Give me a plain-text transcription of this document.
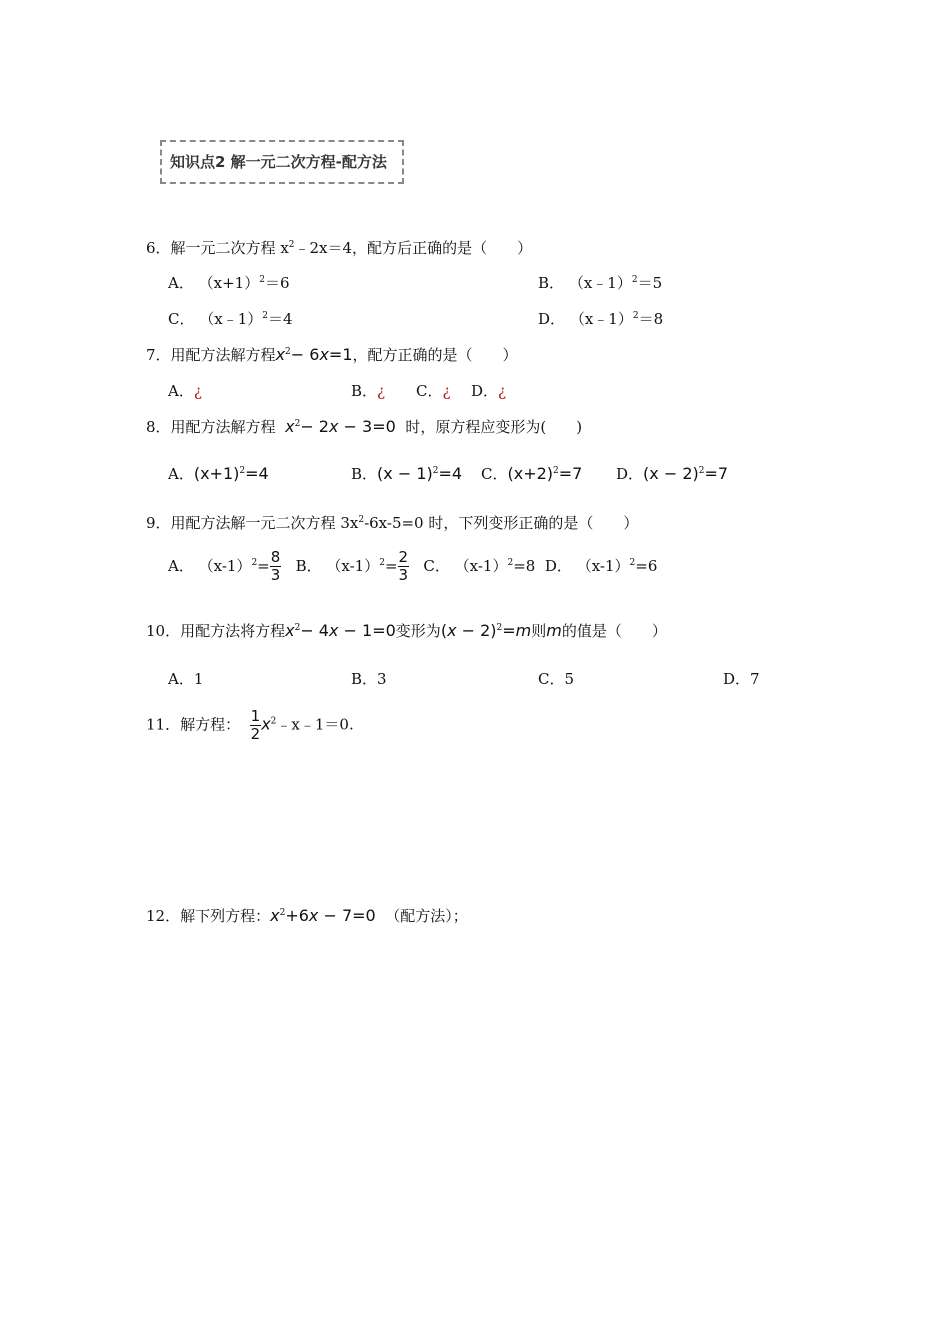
知识点2 解一元二次方程-配方法
6．解一元二次方程 $x^2﹣2x=4$，配方后正确的是（　　）
A． $(x+1)^2=6$	B． （x﹣1）$^2$＝5
C． （x﹣1）$^2$＝4	D． （x﹣1）$^2$＝8
7．用配方法解方程$x^2- 6x=1$，配方正确的是（　　）
A．¿	B．¿ C．¿ D．¿
8．用配方法解方程 $x^2- 2x - 3=0$ 时，原方程应变形为(　　)
A．$(x+1)^2=4$	B．$(x - 1)^2=4$ C．$(x+2)^2=7$ D．$(x - 2)^2=7$
9．用配方法解一元二次方程 $3x^2-6x-5=0$ 时，下列变形正确的是（　　）
A． $(x-1)^2= \frac{8}{3}$ B． $(x-1)^2= \frac{2}{3}$ C． $(x-1)^2=8$ D． $(x-1)^2=6$
10．用配方法将方程$x^2- 4x - 1=0$变形为$(x - 2)^2=m$则m的值是（　　）
A．1	B．3	C．5	D．7
11．解方程： $\frac{1}{2}$ $x^2﹣x﹣1=0$.
12．解下列方程：$x^2+6x - 7=0$ （配方法）；
